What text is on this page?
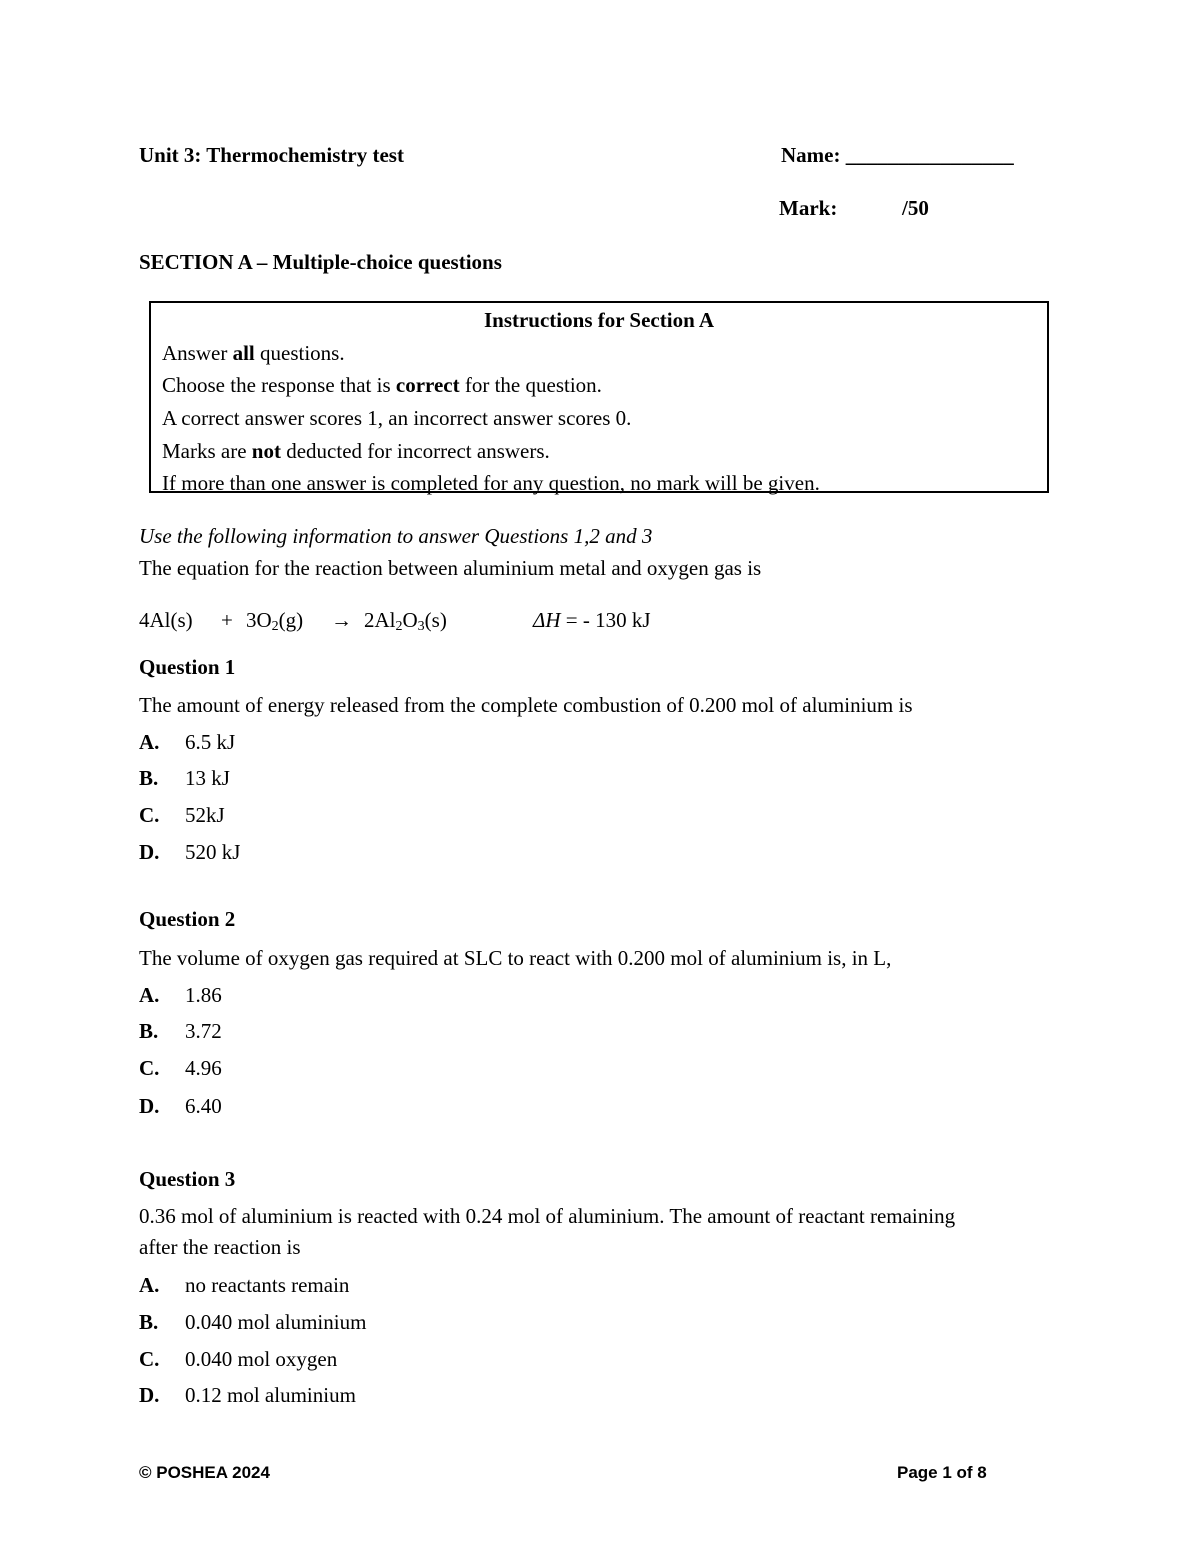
Unit 3: Thermochemistry test	Name: ________________
Mark:	/50
SECTION A – Multiple-choice questions
Instructions for Section A
Answer all questions.
Choose the response that is correct for the question.
A correct answer scores 1, an incorrect answer scores 0.
Marks are not deducted for incorrect answers.
If more than one answer is completed for any question, no mark will be given.
Use the following information to answer Questions 1,2 and 3
The equation for the reaction between aluminium metal and oxygen gas is
$4Al(s) + 3O_2(g) \to 2Al_2O_3(s)$	ΔH = - 130 kJ
Question 1
The amount of energy released from the complete combustion of 0.200 mol of aluminium is
A. 6.5 kJ
B. 13 kJ
C. 52kJ
D. 520 kJ
Question 2
The volume of oxygen gas required at SLC to react with 0.200 mol of aluminium is, in L,
A. 1.86
B. 3.72
C. 4.96
D. 6.40
Question 3
0.36 mol of aluminium is reacted with 0.24 mol of aluminium. The amount of reactant remaining
after the reaction is
A. no reactants remain
B. 0.040 mol aluminium
C. 0.040 mol oxygen
D. 0.12 mol aluminium
© POSHEA 2024	Page 1 of 8
